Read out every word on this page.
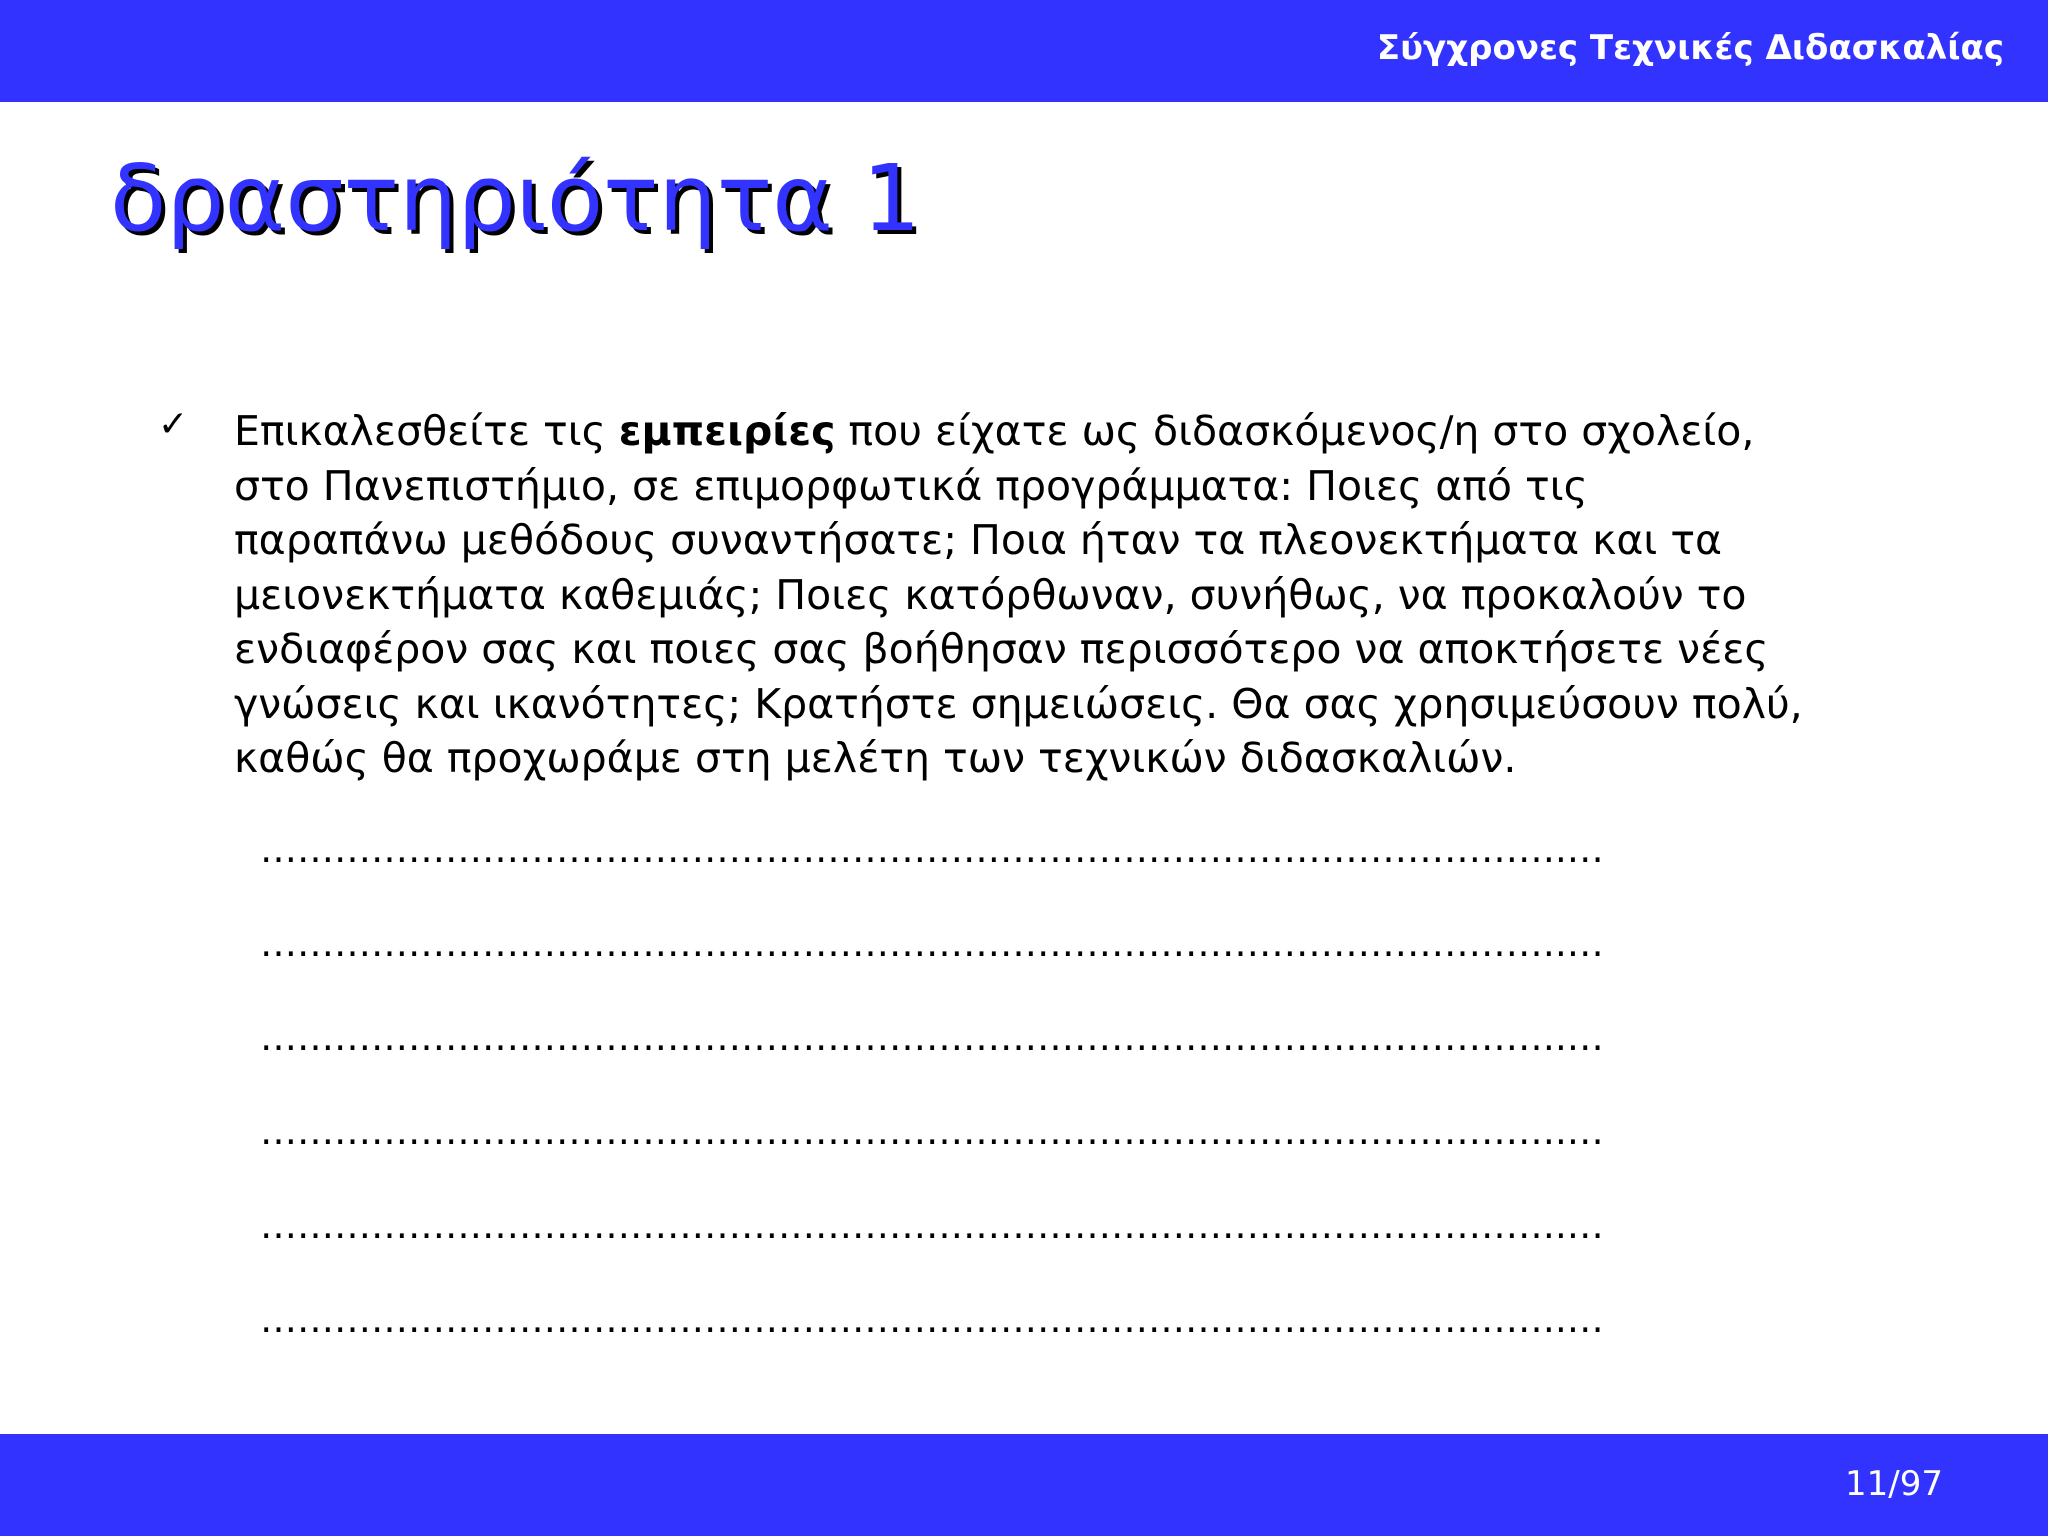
Σύγχρονες Τεχνικές Διδασκαλίας
δραστηριότητα 1
✓ Επικαλεσθείτε τις εμπειρίες που είχατε ως διδασκόμενος/η στο σχολείο,
στο Πανεπιστήμιο, σε επιμορφωτικά προγράμματα: Ποιες από τις
παραπάνω μεθόδους συναντήσατε; Ποια ήταν τα πλεονεκτήματα και τα
μειονεκτήματα καθεμιάς; Ποιες κατόρθωναν, συνήθως, να προκαλούν το
ενδιαφέρον σας και ποιες σας βοήθησαν περισσότερο να αποκτήσετε νέες
γνώσεις και ικανότητες; Κρατήστε σημειώσεις. Θα σας χρησιμεύσουν πολύ,
καθώς θα προχωράμε στη μελέτη των τεχνικών διδασκαλιών.
…………………………………………………………………………………………….…
…………………………………………………………………………………………….…
…………………………………………………………………………………………….…
…………………………………………………………………………………………….…
…………………………………………………………………………………………….…
…………………………………………………………………………………………….…
11/97
